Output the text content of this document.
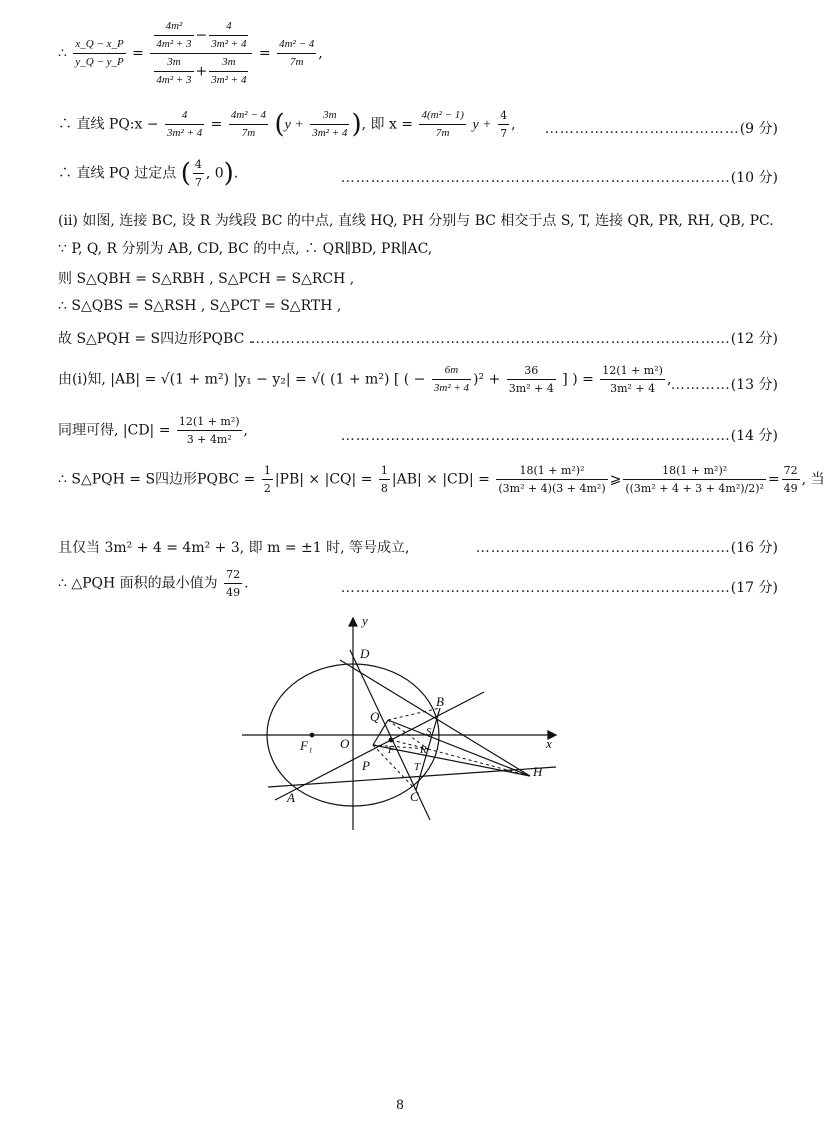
∴ $\frac{x\_Q - x\_P}{y\_Q - y\_P} = \frac{\frac{\text{4m²}}{\text{4m² + 3}} - \frac{4}{\text{3m² + 4}}}{\frac{3m}{\text{4m² + 3}} + \frac{3m}{\text{3m² + 4}}} = \frac{\text{4m² − 4}}{7m}$ ,
∴ 直线 PQ:x − $\frac{4}{\text{3m² + 4}} = \frac{\text{4m² − 4}}{7m} (y + \frac{3m}{\text{3m² + 4}}$ ), 即 $x = \frac{\text{4(m² − 1)}}{7m}$ $y + \frac{4}{7}$ , …………………………………(9 分)
∴ 直线 PQ 过定点 ( $\frac{4}{7}$ , 0).	……………………………………………………………………(10 分)
(ⅱ) 如图, 连接 BC, 设 R 为线段 BC 的中点, 直线 HQ, PH 分别与 BC 相交于点 S, T, 连接 QR, PR, RH, QB, PC.
∵ P, Q, R 分别为 AB, CD, BC 的中点, ∴ QR∥BD, PR∥AC,
则 S△QBH = S△RBH , S△PCH = S△RCH ,
∴ S△QBS = S△RSH , S△PCT = S△RTH ,
故 S△PQH = S四边形PQBC .
……………………………………………………………………………………(12 分)
由(ⅰ)知, |AB| = √(1 + m²) |y₁ − y₂| = √( (1 + m²) [ ( − $\frac{6m}{\text{3m² + 4}} )^2 + \frac{36}{\text{3m² + 4}}$ ] ) = $\frac{\text{12(1 + m²)}}{\text{3m² + 4}}$ , …………(13 分)
同理可得, $|CD| = \frac{\text{12(1 + m²)}}{\text{3 + 4m²}}$ ,	……………………………………………………………………(14 分)
∴ S△PQH = S四边形PQBC = $\frac{1}{2} |PB| \times |CQ| = \frac{1}{8} |AB| \times |CD| = \frac{\text{18(1 + m²)²}}{\text{(3m² + 4)(3 + 4m²)}}$ ⩾ $\frac{\text{18(1 + m²)²}}{\text{((3m² + 4 + 3 + 4m²)/2)²}} = \frac{72}{49}$ , 当
且仅当 3m² + 4 = 4m² + 3, 即 m = ±1 时, 等号成立,	……………………………………………(16 分)
∴ △PQH 面积的最小值为 $\frac{72}{49}$ .	……………………………………………………………………(17 分)
x
y
O
F₁	F
A
B
C
D
P
Q
R
S
T	H
8
